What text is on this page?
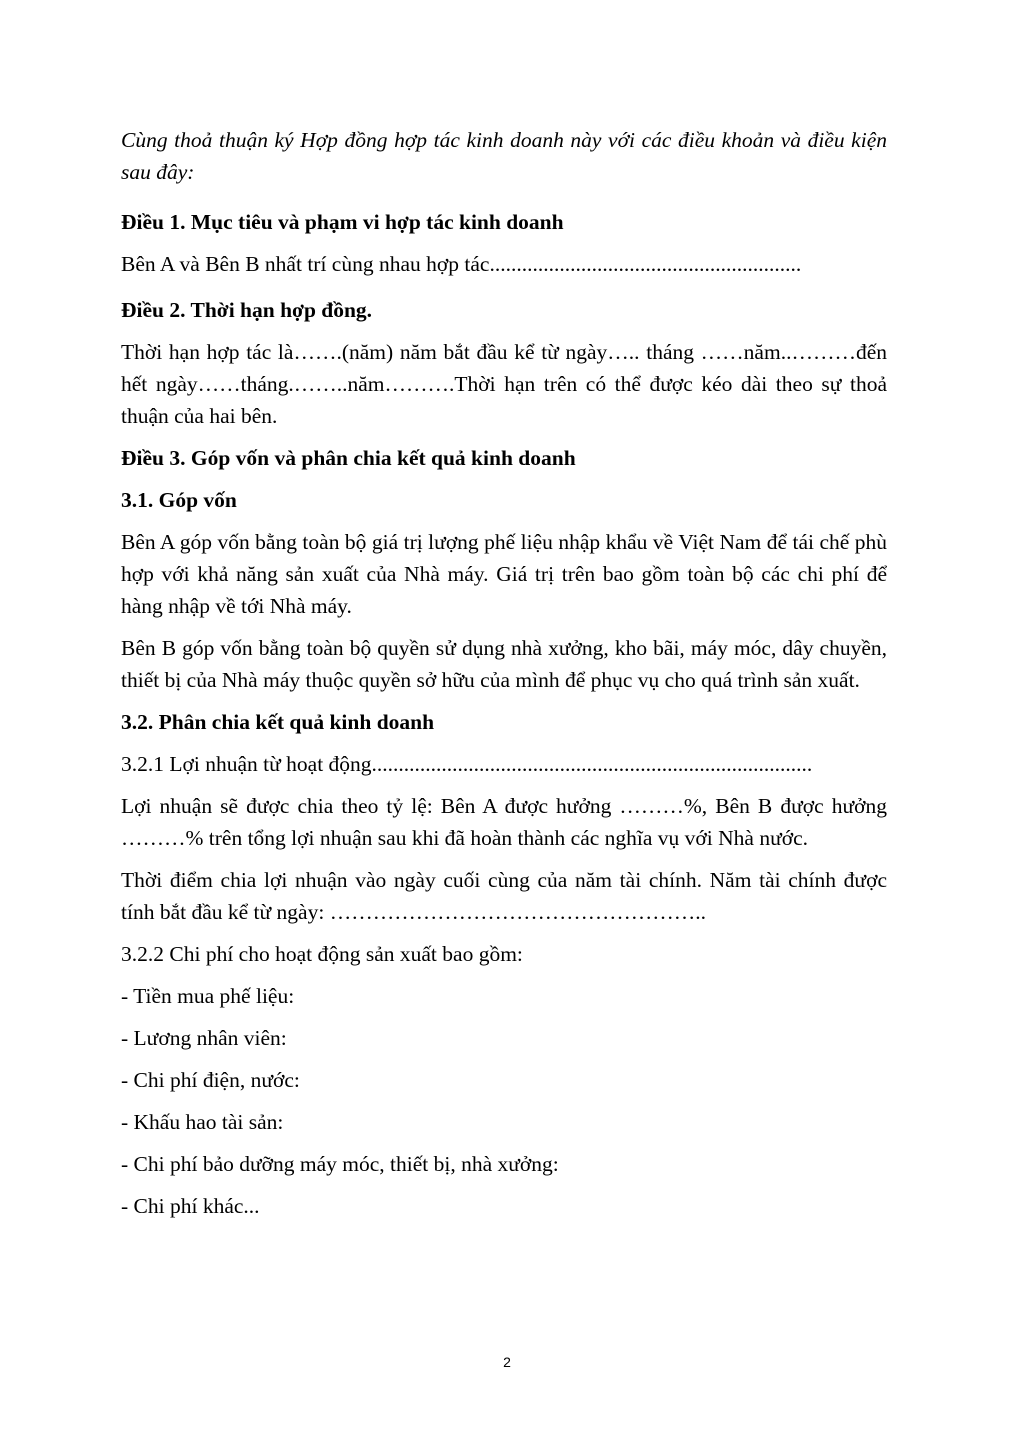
Cùng thoả thuận ký Hợp đồng hợp tác kinh doanh này với các điều khoản và điều kiện sau đây:

Điều 1. Mục tiêu và phạm vi hợp tác kinh doanh

Bên A và Bên B nhất trí cùng nhau hợp tác..........................................................

Điều 2. Thời hạn hợp đồng.

Thời hạn hợp tác là…….(năm) năm bắt đầu kể từ ngày….. tháng ……năm..………đến hết ngày……tháng.……..năm……….Thời hạn trên có thể được kéo dài theo sự thoả thuận của hai bên.

Điều 3. Góp vốn và phân chia kết quả kinh doanh

3.1. Góp vốn

Bên A góp vốn bằng toàn bộ giá trị lượng phế liệu nhập khẩu về Việt Nam để tái chế phù hợp với khả năng sản xuất của Nhà máy. Giá trị trên bao gồm toàn bộ các chi phí để hàng nhập về tới Nhà máy.

Bên B góp vốn bằng toàn bộ quyền sử dụng nhà xưởng, kho bãi, máy móc, dây chuyền, thiết bị của Nhà máy thuộc quyền sở hữu của mình để phục vụ cho quá trình sản xuất.

3.2. Phân chia kết quả kinh doanh

3.2.1 Lợi nhuận từ hoạt động..................................................................................

Lợi nhuận sẽ được chia theo tỷ lệ: Bên A được hưởng ………%, Bên B được hưởng ………% trên tổng lợi nhuận sau khi đã hoàn thành các nghĩa vụ với Nhà nước.

Thời điểm chia lợi nhuận vào ngày cuối cùng của năm tài chính. Năm tài chính được tính bắt đầu kể từ ngày: ……………………………………………..

3.2.2 Chi phí cho hoạt động sản xuất bao gồm:

- Tiền mua phế liệu:

- Lương nhân viên:

- Chi phí điện, nước:

- Khấu hao tài sản:

- Chi phí bảo dưỡng máy móc, thiết bị, nhà xưởng:

- Chi phí khác...

2
